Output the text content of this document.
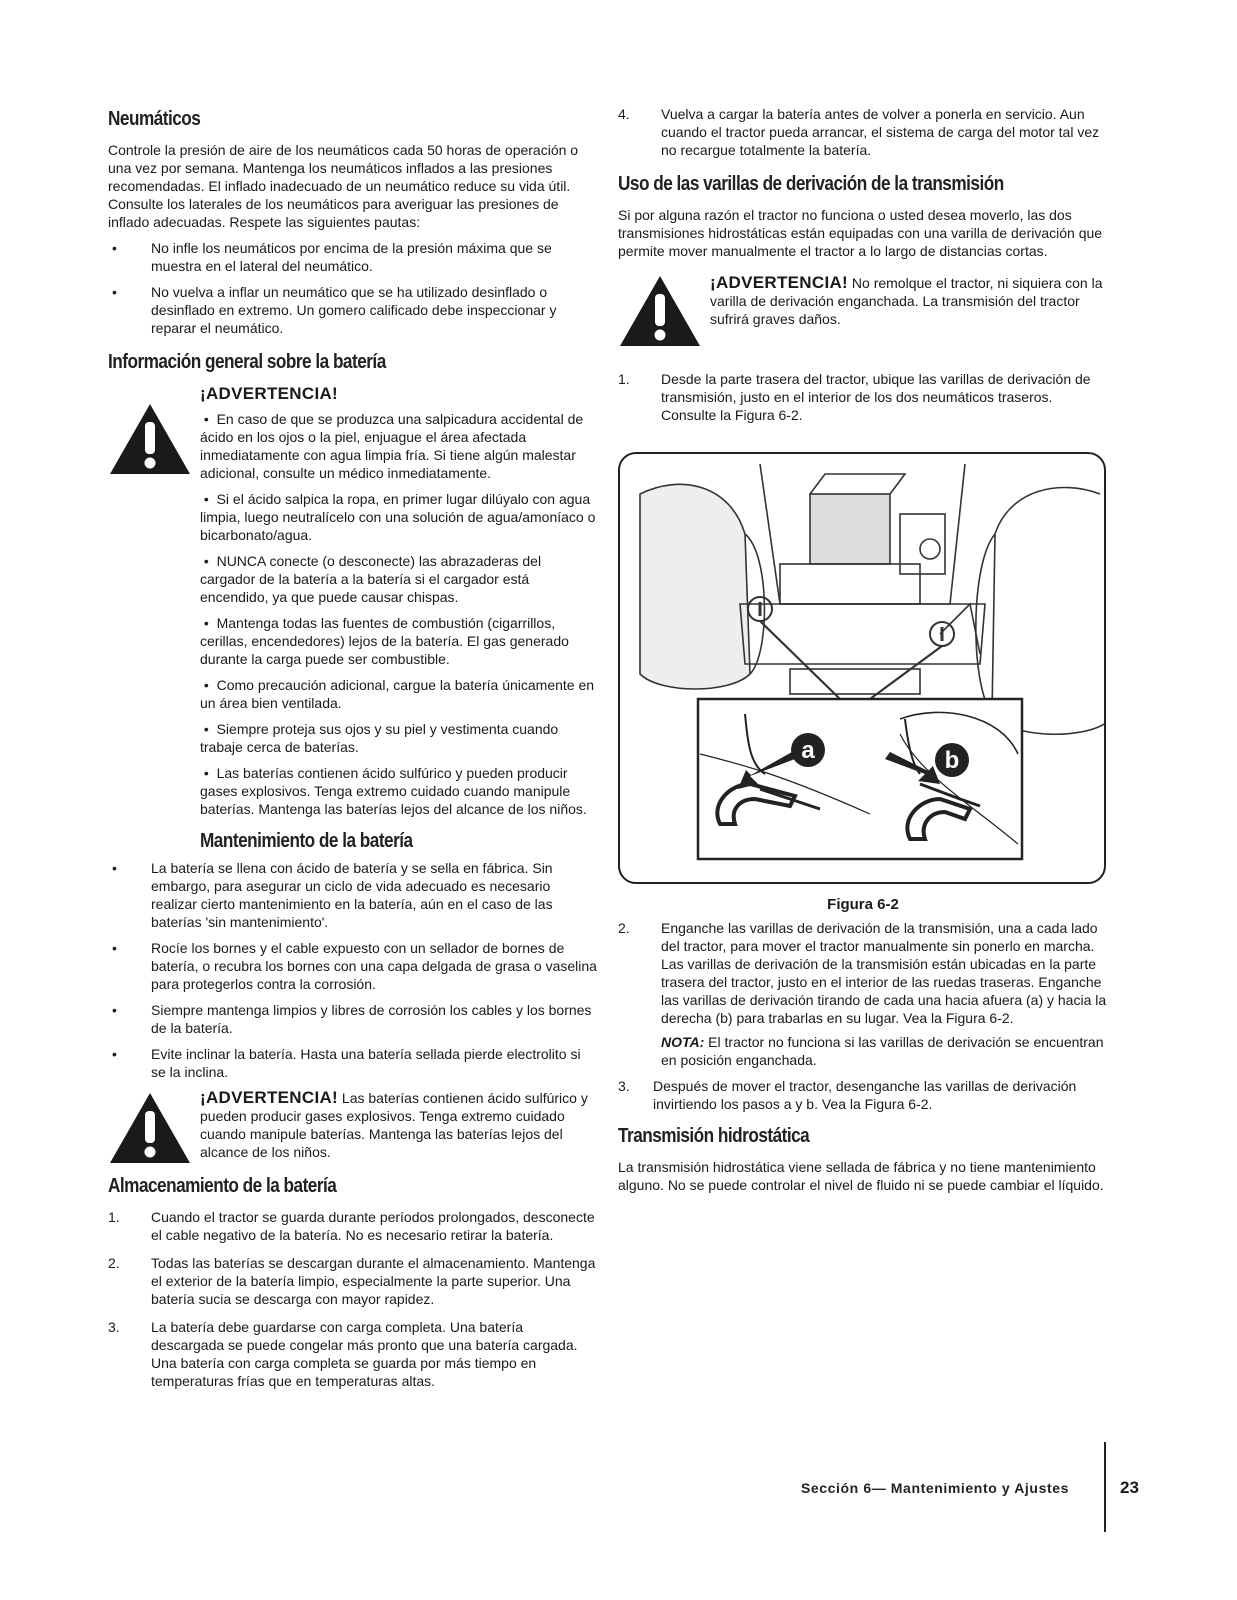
Neumáticos

Controle la presión de aire de los neumáticos cada 50 horas de operación o una vez por semana. Mantenga los neumáticos inflados a las presiones recomendadas. El inflado inadecuado de un neumático reduce su vida útil. Consulte los laterales de los neumáticos para averiguar las presiones de inflado adecuadas. Respete las siguientes pautas:

• No infle los neumáticos por encima de la presión máxima que se muestra en el lateral del neumático.
• No vuelva a inflar un neumático que se ha utilizado desinflado o desinflado en extremo. Un gomero calificado debe inspeccionar y reparar el neumático.
Información general sobre la batería
¡ADVERTENCIA!
•  En caso de que se produzca una salpicadura accidental de ácido en los ojos o la piel, enjuague el área afectada inmediatamente con agua limpia fría. Si tiene algún malestar adicional, consulte un médico inmediatamente.
•  Si el ácido salpica la ropa, en primer lugar dilúyalo con agua limpia, luego neutralícelo con una solución de agua/amoníaco o bicarbonato/agua.
•  NUNCA conecte (o desconecte) las abrazaderas del cargador de la batería a la batería si el cargador está encendido, ya que puede causar chispas.
•  Mantenga todas las fuentes de combustión (cigarrillos, cerillas, encendedores) lejos de la batería. El gas generado durante la carga puede ser combustible.
•  Como precaución adicional, cargue la batería únicamente en un área bien ventilada.
•  Siempre proteja sus ojos y su piel y vestimenta cuando trabaje cerca de baterías.
•  Las baterías contienen ácido sulfúrico y pueden producir gases explosivos. Tenga extremo cuidado cuando manipule baterías. Mantenga las baterías lejos del alcance de los niños.
Mantenimiento de la batería
• La batería se llena con ácido de batería y se sella en fábrica. Sin embargo, para asegurar un ciclo de vida adecuado es necesario realizar cierto mantenimiento en la batería, aún en el caso de las baterías 'sin mantenimiento'.
• Rocíe los bornes y el cable expuesto con un sellador de bornes de batería, o recubra los bornes con una capa delgada de grasa o vaselina para protegerlos contra la corrosión.
• Siempre mantenga limpios y libres de corrosión los cables y los bornes de la batería.
• Evite inclinar la batería. Hasta una batería sellada pierde electrolito si se la inclina.

¡ADVERTENCIA! Las baterías contienen ácido sulfúrico y pueden producir gases explosivos. Tenga extremo cuidado cuando manipule baterías. Mantenga las baterías lejos del alcance de los niños.

Almacenamiento de la batería
1. Cuando el tractor se guarda durante períodos prolongados, desconecte el cable negativo de la batería. No es necesario retirar la batería.
2. Todas las baterías se descargan durante el almacenamiento. Mantenga el exterior de la batería limpio, especialmente la parte superior. Una batería sucia se descarga con mayor rapidez.
3. La batería debe guardarse con carga completa. Una batería descargada se puede congelar más pronto que una batería cargada. Una batería con carga completa se guarda por más tiempo en temperaturas frías que en temperaturas altas.
4. Vuelva a cargar la batería antes de volver a ponerla en servicio. Aun cuando el tractor pueda arrancar, el sistema de carga del motor tal vez no recargue totalmente la batería.
Uso de las varillas de derivación de la transmisión

Si por alguna razón el tractor no funciona o usted desea moverlo, las dos transmisiones hidrostáticas están equipadas con una varilla de derivación que permite mover manualmente el tractor a lo largo de distancias cortas.

¡ADVERTENCIA! No remolque el tractor, ni siquiera con la varilla de derivación enganchada. La transmisión del tractor sufrirá graves daños.

1. Desde la parte trasera del tractor, ubique las varillas de derivación de transmisión, justo en el interior de los dos neumáticos traseros. Consulte la Figura 6-2.
a	b
Figura 6-2
2. Enganche las varillas de derivación de la transmisión, una a cada lado del tractor, para mover el tractor manualmente sin ponerlo en marcha. Las varillas de derivación de la transmisión están ubicadas en la parte trasera del tractor, justo en el interior de las ruedas traseras. Enganche las varillas de derivación tirando de cada una hacia afuera (a) y hacia la derecha (b) para trabarlas en su lugar. Vea la Figura 6-2.

NOTA: El tractor no funciona si las varillas de derivación se encuentran en posición enganchada.

3. Después de mover el tractor, desenganche las varillas de derivación invirtiendo los pasos a y b. Vea la Figura 6-2.
Transmisión hidrostática

La transmisión hidrostática viene sellada de fábrica y no tiene mantenimiento alguno. No se puede controlar el nivel de fluido ni se puede cambiar el líquido.

Sección 6— Mantenimiento y Ajustes	23
